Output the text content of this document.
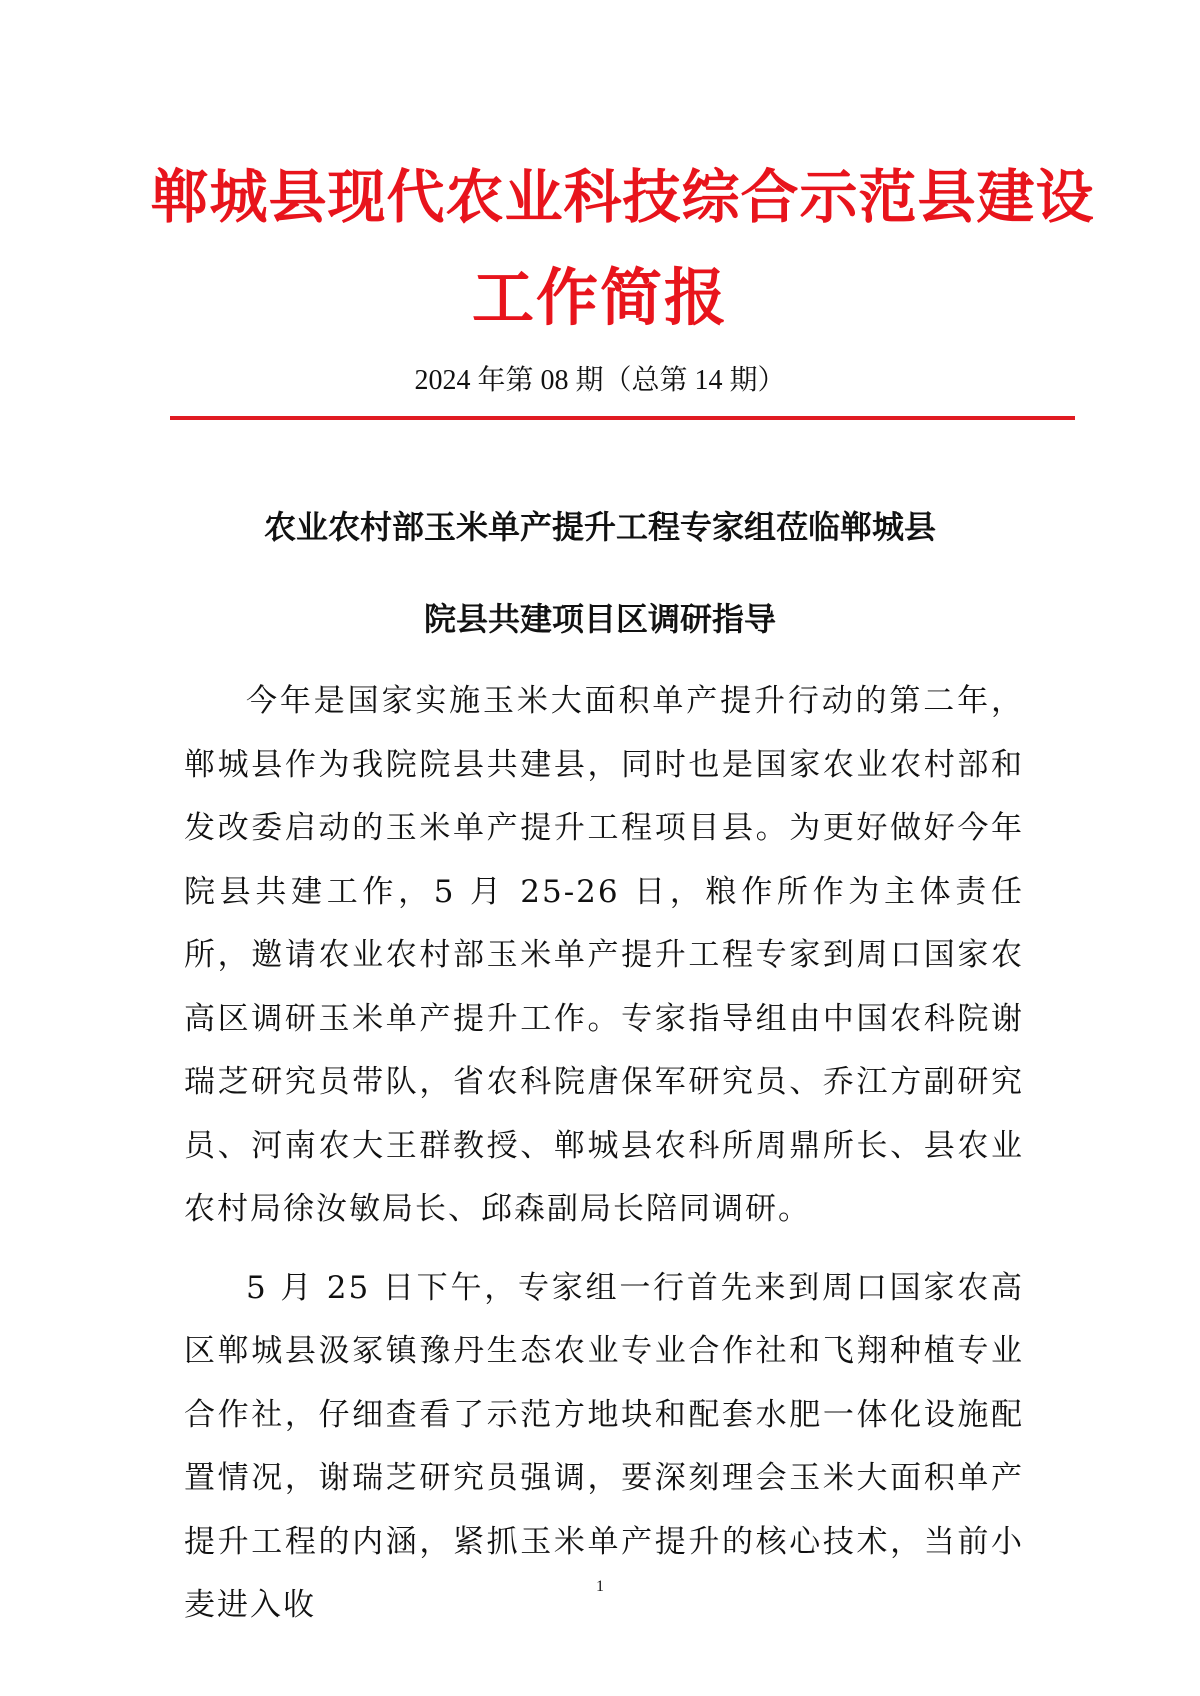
郸城县现代农业科技综合示范县建设
工作简报
2024 年第 08 期（总第 14 期）
农业农村部玉米单产提升工程专家组莅临郸城县
院县共建项目区调研指导

今年是国家实施玉米大面积单产提升行动的第二年，郸城县作为我院院县共建县，同时也是国家农业农村部和发改委启动的玉米单产提升工程项目县。为更好做好今年院县共建工作，5 月 25-26 日，粮作所作为主体责任所，邀请农业农村部玉米单产提升工程专家到周口国家农高区调研玉米单产提升工作。专家指导组由中国农科院谢瑞芝研究员带队，省农科院唐保军研究员、乔江方副研究员、河南农大王群教授、郸城县农科所周鼎所长、县农业农村局徐汝敏局长、邱森副局长陪同调研。

5 月 25 日下午，专家组一行首先来到周口国家农高区郸城县汲冢镇豫丹生态农业专业合作社和飞翔种植专业合作社，仔细查看了示范方地块和配套水肥一体化设施配置情况，谢瑞芝研究员强调，要深刻理会玉米大面积单产提升工程的内涵，紧抓玉米单产提升的核心技术，当前小麦进入收

1
